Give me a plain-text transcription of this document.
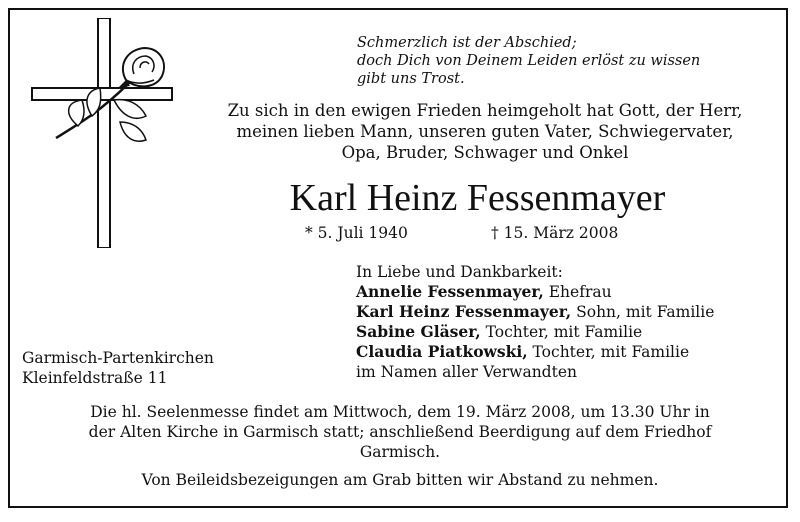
Schmerzlich ist der Abschied;
doch Dich von Deinem Leiden erlöst zu wissen
gibt uns Trost.
Zu sich in den ewigen Frieden heimgeholt hat Gott, der Herr,
meinen lieben Mann, unseren guten Vater, Schwiegervater,
Opa, Bruder, Schwager und Onkel
Karl Heinz Fessenmayer
* 5. Juli 1940	† 15. März 2008
In Liebe und Dankbarkeit:
Annelie Fessenmayer, Ehefrau
Karl Heinz Fessenmayer, Sohn, mit Familie
Sabine Gläser, Tochter, mit Familie
Claudia Piatkowski, Tochter, mit Familie
im Namen aller Verwandten
Garmisch-Partenkirchen
Kleinfeldstraße 11
Die hl. Seelenmesse findet am Mittwoch, dem 19. März 2008, um 13.30 Uhr in
der Alten Kirche in Garmisch statt; anschließend Beerdigung auf dem Friedhof
Garmisch.
Von Beileidsbezeigungen am Grab bitten wir Abstand zu nehmen.
